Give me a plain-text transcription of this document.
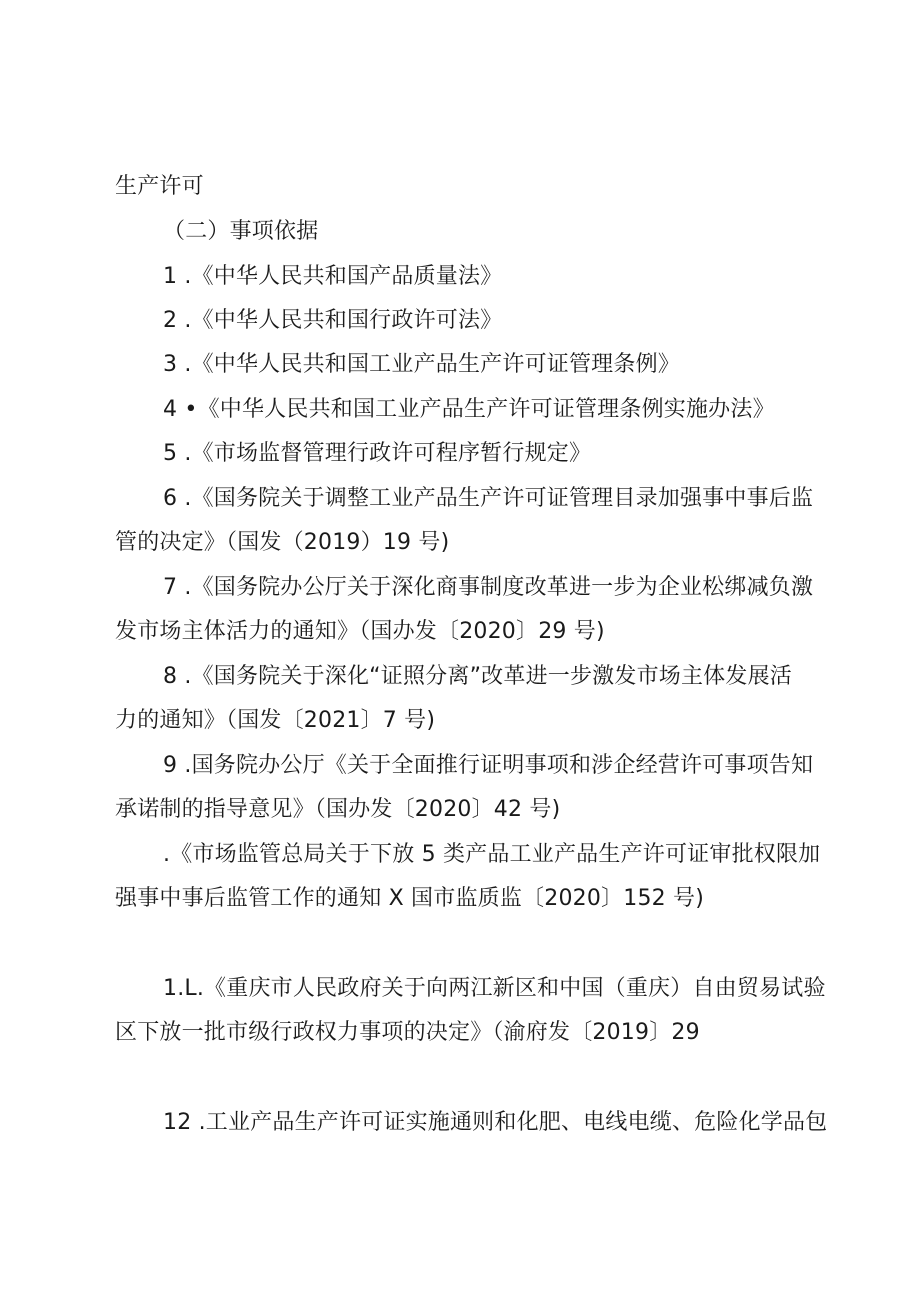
生产许可
（二）事项依据
1 .《中华人民共和国产品质量法》
2 .《中华人民共和国行政许可法》
3 .《中华人民共和国工业产品生产许可证管理条例》
4 •《中华人民共和国工业产品生产许可证管理条例实施办法》
5 .《市场监督管理行政许可程序暂行规定》
6 .《国务院关于调整工业产品生产许可证管理目录加强事中事后监
管的决定》（国发（2019）19 号)
7 .《国务院办公厅关于深化商事制度改革进一步为企业松绑减负激
发市场主体活力的通知》（国办发〔2020〕29 号)
8 .《国务院关于深化“证照分离”改革进一步激发市场主体发展活
力的通知》（国发〔2021〕7 号)
9 .国务院办公厅《关于全面推行证明事项和涉企经营许可事项告知
承诺制的指导意见》（国办发〔2020〕42 号)
.《市场监管总局关于下放 5 类产品工业产品生产许可证审批权限加
强事中事后监管工作的通知 X 国市监质监〔2020〕152 号)
1.L.《重庆市人民政府关于向两江新区和中国（重庆）自由贸易试验
区下放一批市级行政权力事项的决定》（渝府发〔2019〕29
12 .工业产品生产许可证实施通则和化肥、电线电缆、危险化学品包
